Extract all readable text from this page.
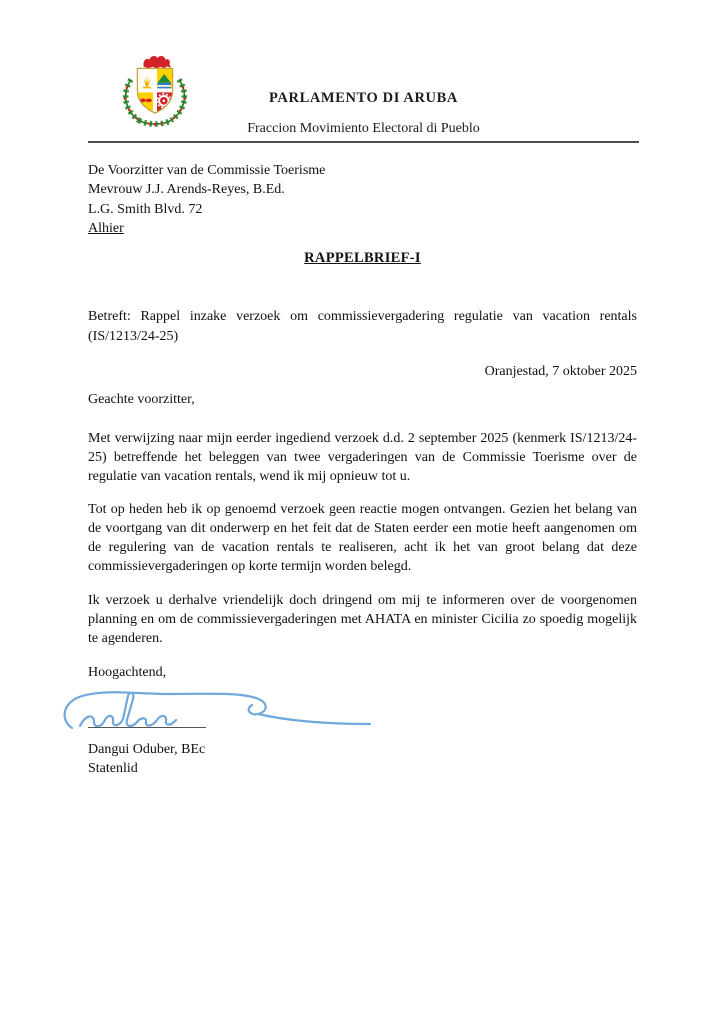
PARLAMENTO DI ARUBA
Fraccion Movimiento Electoral di Pueblo
De Voorzitter van de Commissie Toerisme
Mevrouw J.J. Arends-Reyes, B.Ed.
L.G. Smith Blvd. 72
Alhier
RAPPELBRIEF-I

Betreft: Rappel inzake verzoek om commissievergadering regulatie van vacation rentals (IS/1213/24-25)

Oranjestad, 7 oktober 2025
Geachte voorzitter,

Met verwijzing naar mijn eerder ingediend verzoek d.d. 2 september 2025 (kenmerk IS/1213/24-25) betreffende het beleggen van twee vergaderingen van de Commissie Toerisme over de regulatie van vacation rentals, wend ik mij opnieuw tot u.

Tot op heden heb ik op genoemd verzoek geen reactie mogen ontvangen. Gezien het belang van de voortgang van dit onderwerp en het feit dat de Staten eerder een motie heeft aangenomen om de regulering van de vacation rentals te realiseren, acht ik het van groot belang dat deze commissievergaderingen op korte termijn worden belegd.

Ik verzoek u derhalve vriendelijk doch dringend om mij te informeren over de voorgenomen planning en om de commissievergaderingen met AHATA en minister Cicilia zo spoedig mogelijk te agenderen.

Hoogachtend,
Dangui Oduber, BEc
Statenlid
